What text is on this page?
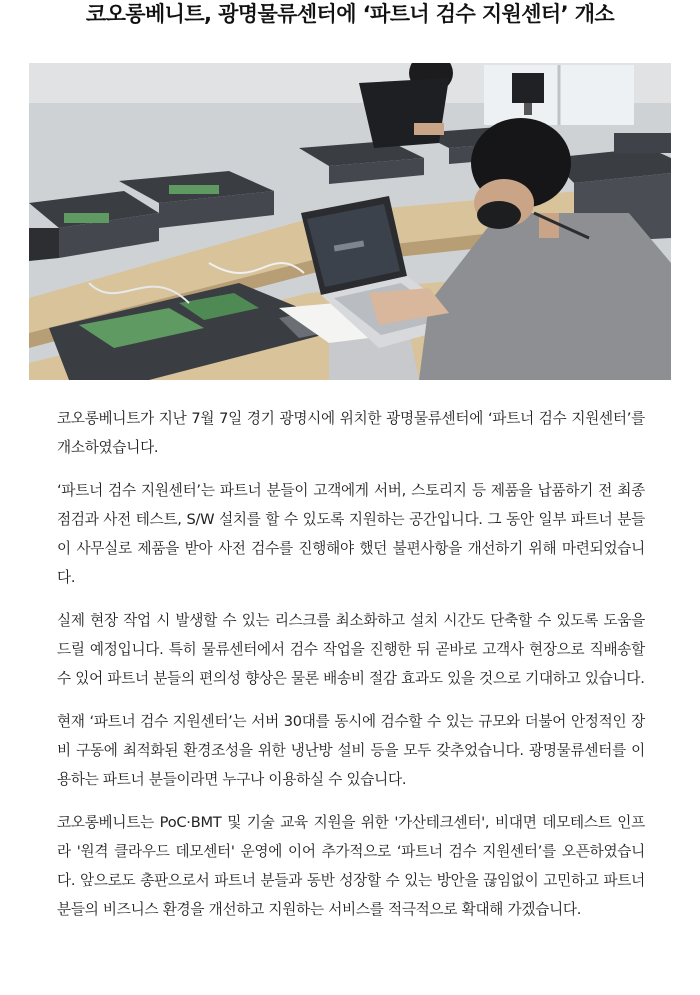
코오롱베니트, 광명물류센터에 ‘파트너 검수 지원센터’ 개소

코오롱베니트가 지난 7월 7일 경기 광명시에 위치한 광명물류센터에 ‘파트너 검수 지원센터’를 개소하였습니다.

‘파트너 검수 지원센터’는 파트너 분들이 고객에게 서버, 스토리지 등 제품을 납품하기 전 최종 점검과 사전 테스트, S/W 설치를 할 수 있도록 지원하는 공간입니다. 그 동안 일부 파트너 분들이 사무실로 제품을 받아 사전 검수를 진행해야 했던 불편사항을 개선하기 위해 마련되었습니다.

실제 현장 작업 시 발생할 수 있는 리스크를 최소화하고 설치 시간도 단축할 수 있도록 도움을 드릴 예정입니다. 특히 물류센터에서 검수 작업을 진행한 뒤 곧바로 고객사 현장으로 직배송할 수 있어 파트너 분들의 편의성 향상은 물론 배송비 절감 효과도 있을 것으로 기대하고 있습니다.

현재 ‘파트너 검수 지원센터’는 서버 30대를 동시에 검수할 수 있는 규모와 더불어 안정적인 장비 구동에 최적화된 환경조성을 위한 냉난방 설비 등을 모두 갖추었습니다. 광명물류센터를 이용하는 파트너 분들이라면 누구나 이용하실 수 있습니다.

코오롱베니트는 PoC·BMT 및 기술 교육 지원을 위한 '가산테크센터', 비대면 데모테스트 인프라 '원격 클라우드 데모센터' 운영에 이어 추가적으로 ‘파트너 검수 지원센터’를 오픈하였습니다. 앞으로도 총판으로서 파트너 분들과 동반 성장할 수 있는 방안을 끊임없이 고민하고 파트너 분들의 비즈니스 환경을 개선하고 지원하는 서비스를 적극적으로 확대해 가겠습니다.
